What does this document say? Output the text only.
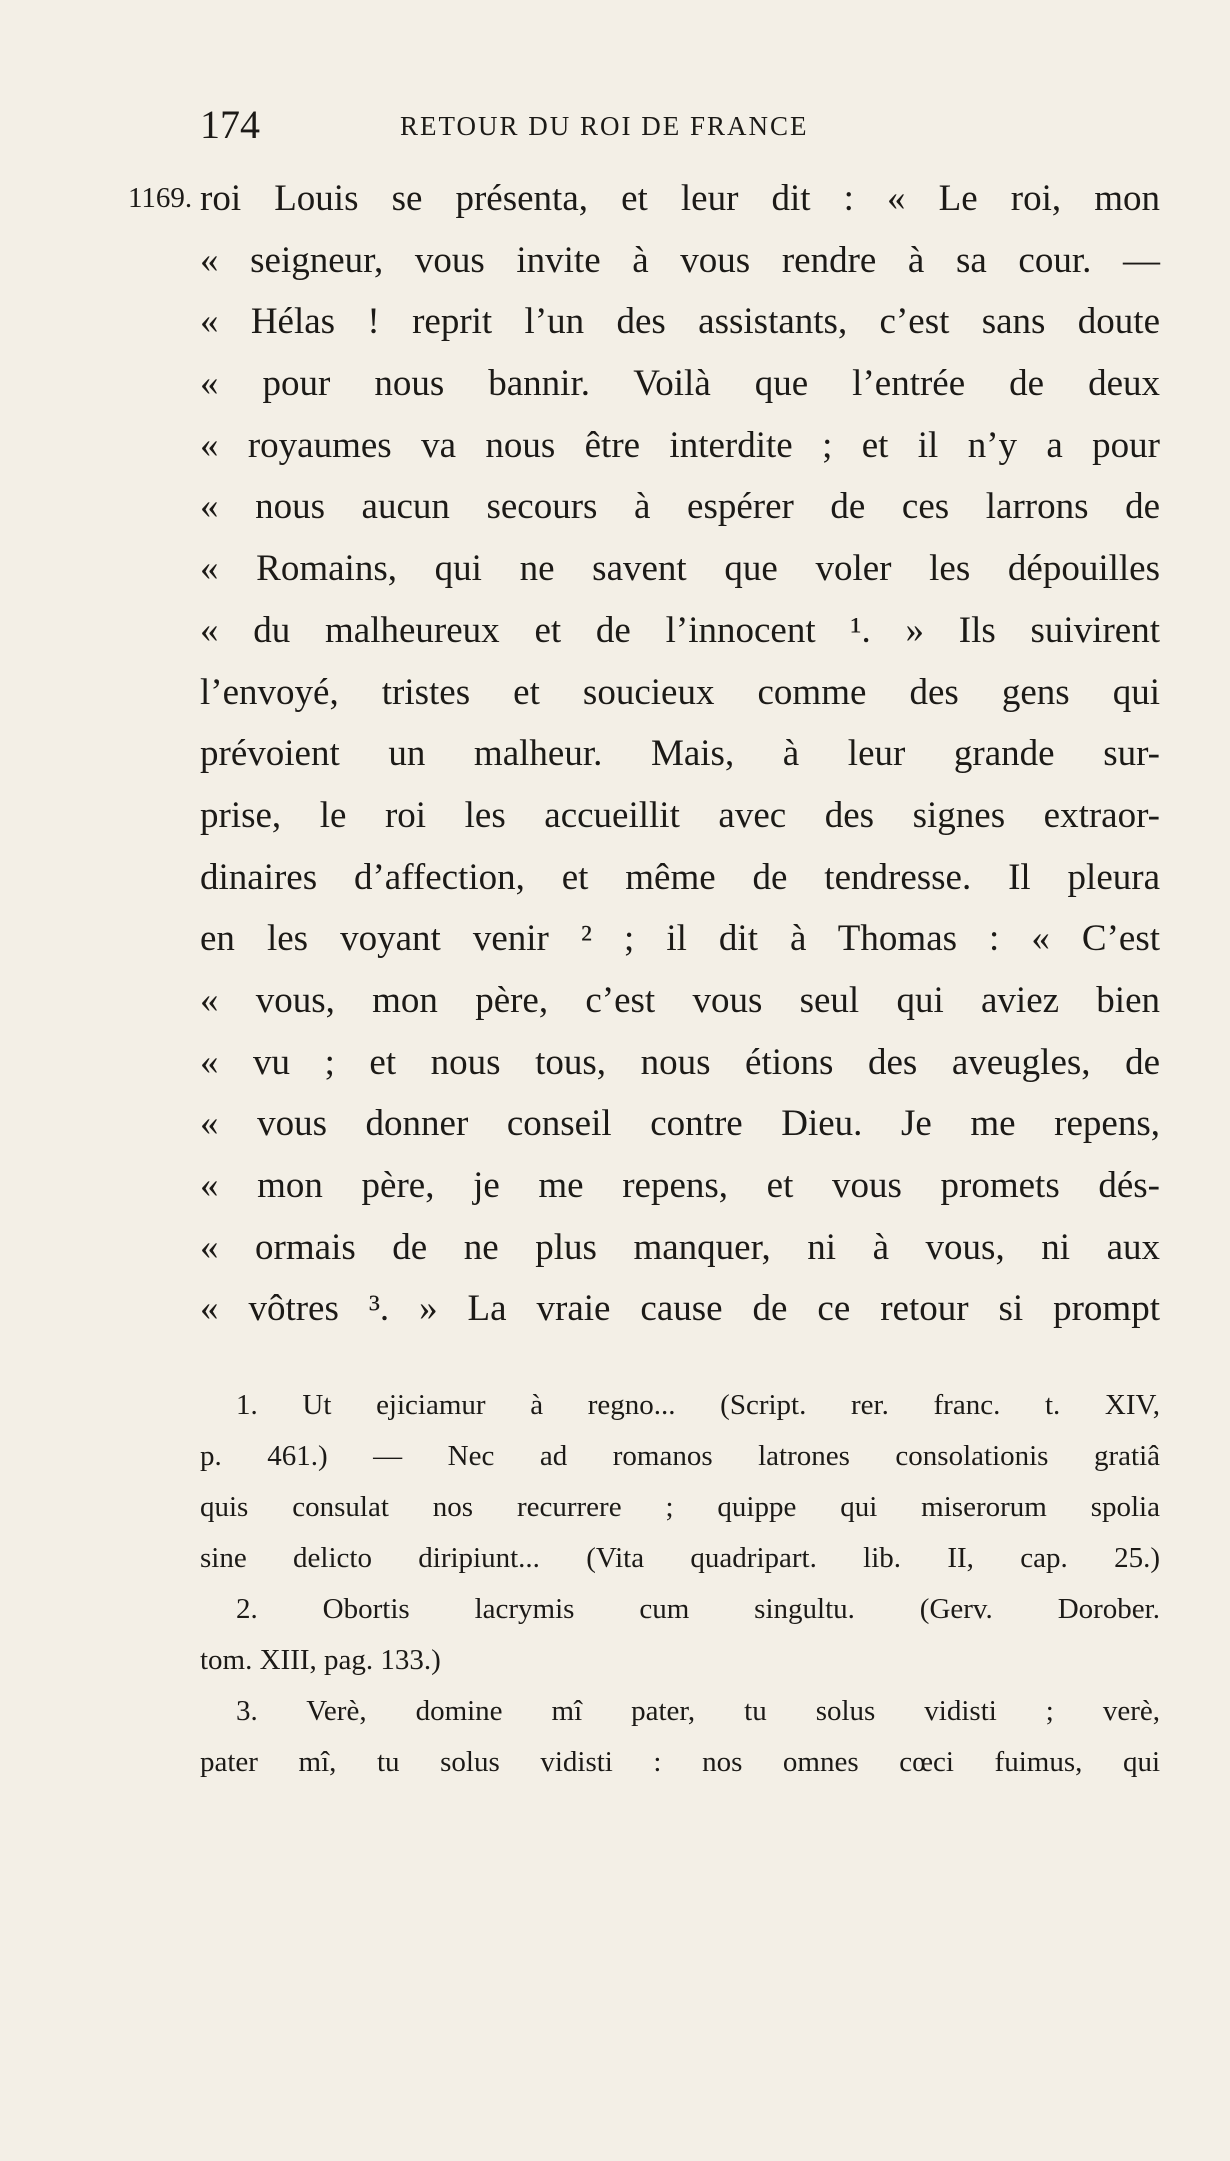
174	RETOUR DU ROI DE FRANCE
1169. roi Louis se présenta, et leur dit : « Le roi, mon
« seigneur, vous invite à vous rendre à sa cour. —
« Hélas ! reprit l’un des assistants, c’est sans doute
« pour nous bannir. Voilà que l’entrée de deux
« royaumes va nous être interdite ; et il n’y a pour
« nous aucun secours à espérer de ces larrons de
« Romains, qui ne savent que voler les dépouilles
« du malheureux et de l’innocent ¹. » Ils suivirent
l’envoyé, tristes et soucieux comme des gens qui
prévoient un malheur. Mais, à leur grande sur-
prise, le roi les accueillit avec des signes extraor-
dinaires d’affection, et même de tendresse. Il pleura
en les voyant venir ² ; il dit à Thomas : « C’est
« vous, mon père, c’est vous seul qui aviez bien
« vu ; et nous tous, nous étions des aveugles, de
« vous donner conseil contre Dieu. Je me repens,
« mon père, je me repens, et vous promets dés-
« ormais de ne plus manquer, ni à vous, ni aux
« vôtres ³. » La vraie cause de ce retour si prompt
1. Ut ejiciamur à regno... (Script. rer. franc. t. XIV,
p. 461.) — Nec ad romanos latrones consolationis gratiâ
quis consulat nos recurrere ; quippe qui miserorum spolia
sine delicto diripiunt... (Vita quadripart. lib. II, cap. 25.)
2. Obortis lacrymis cum singultu. (Gerv. Dorober.
tom. XIII, pag. 133.)
3. Verè, domine mî pater, tu solus vidisti ; verè,
pater mî, tu solus vidisti : nos omnes cœci fuimus, qui
